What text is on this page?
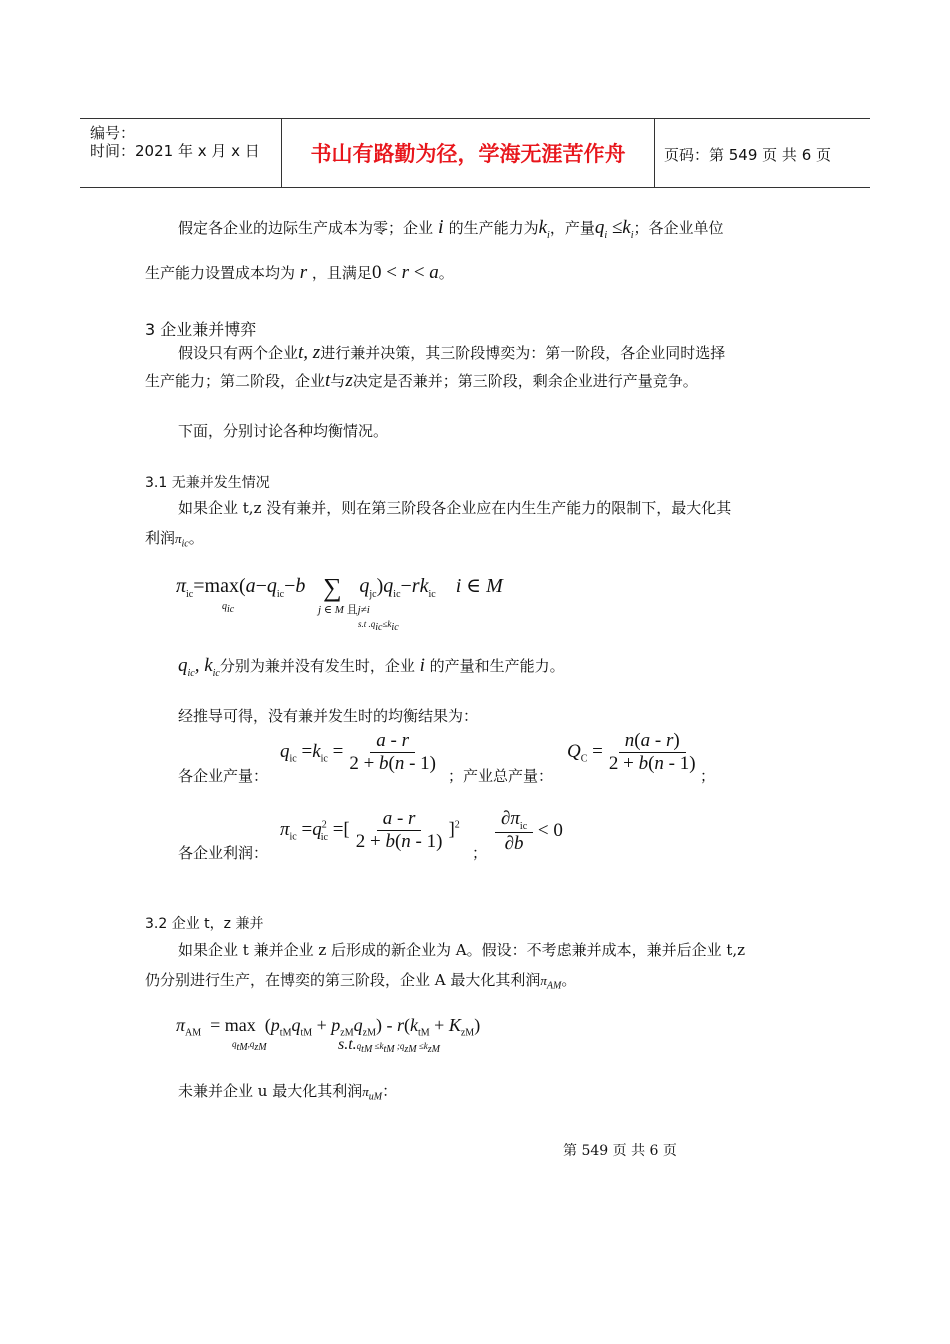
编号：
时间：2021 年 x 月 x 日	书山有路勤为径，学海无涯苦作舟	页码：第 549 页 共 6 页
假定各企业的边际生产成本为零；企业 i 的生产能力为$k_i$，产量$q_i \le k_i$；各企业单位
生产能力设置成本均为 r ，且满足0 < r < a。
3 企业兼并博弈
假设只有两个企业t, z进行兼并决策，其三阶段博奕为：第一阶段，各企业同时选择
生产能力；第二阶段，企业t与z决定是否兼并；第三阶段，剩余企业进行产量竞争。
下面，分别讨论各种均衡情况。
3.1 无兼并发生情况
如果企业 t,z 没有兼并，则在第三阶段各企业应在内生生产能力的限制下，最大化其
利润$\pi_{ic}$。
$\pi_{ic}=\max(a-q_{ic}-b$ ∑ $q_{jc})q_{ic}-rk_{ic}$ i ∈ M
$q_{ic}$	j ∈ M 且j≠i
s.t $.q_{ic}\le k_{ic}$
$q_{ic}$, $k_{ic}$分别为兼并没有发生时，企业 i 的产量和生产能力。
经推导可得，没有兼并发生时的均衡结果为：
各企业产量：
$q_{ic} =k_{ic} = \frac{a - r}{2 + b(n - 1)}$
；产业总产量：
$Q_C = \frac{n(a - r)}{2 + b(n - 1)}$
；
各企业利润：
$\pi_{ic} =q^2_{ic}$ =[ $\frac{a - r}{2 + b(n - 1)} ]^2$
； $\frac{\partial\pi_{ic}}{\partial b} < 0$
3.2 企业 t，z 兼并
如果企业 t 兼并企业 z 后形成的新企业为 A。假设：不考虑兼并成本，兼并后企业 t,z
仍分别进行生产，在博奕的第三阶段，企业 A 最大化其利润$\pi_{AM}$。
$\pi_{AM} = \max (p_{tM}q_{tM} + p_{zM}q_{zM}) - r(k_{tM} + K_{zM})$
$q_{tM},q_{zM}$	$s.t.q_{tM} \le k_{tM}$ $;q_{zM} \le k_{zM}$
未兼并企业 u 最大化其利润$\pi_{uM}$：
第 549 页 共 6 页
